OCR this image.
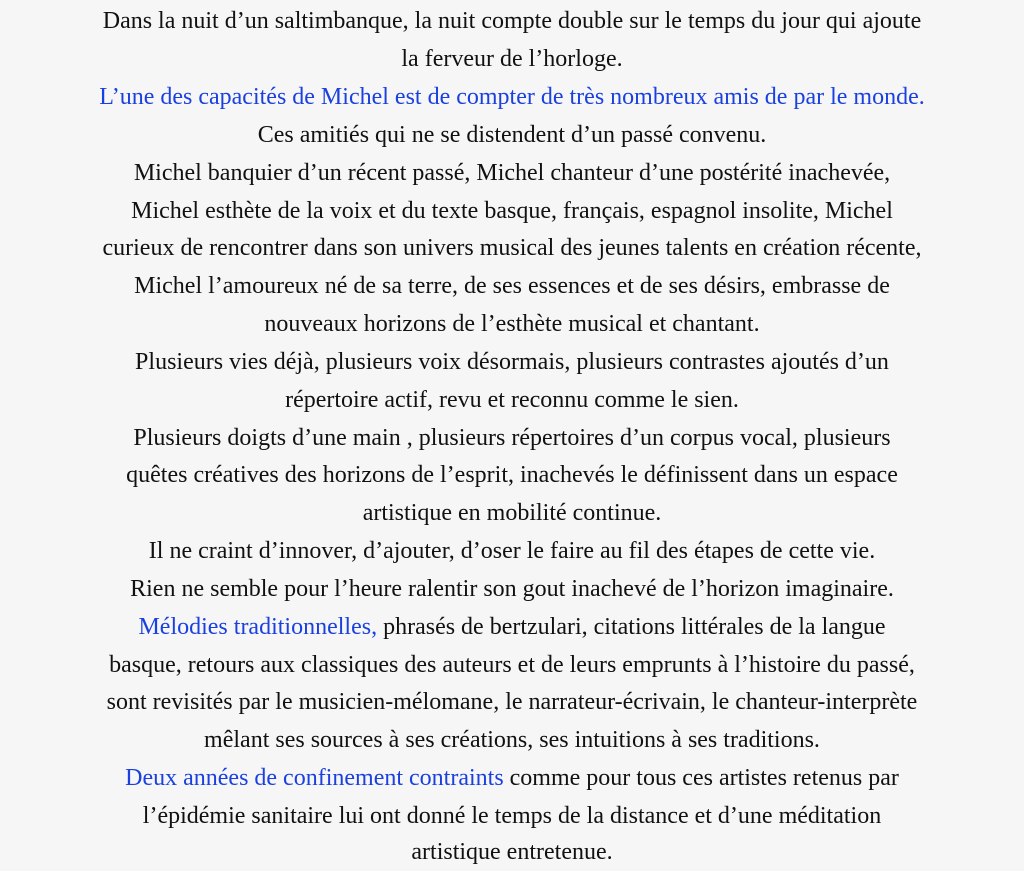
Dans la nuit d’un saltimbanque, la nuit compte double sur le temps du jour qui ajoute
la ferveur de l’horloge.
L’une des capacités de Michel est de compter de très nombreux amis de par le monde.
Ces amitiés qui ne se distendent d’un passé convenu.
Michel banquier d’un récent passé, Michel chanteur d’une postérité inachevée,
Michel esthète de la voix et du texte basque, français, espagnol insolite, Michel
curieux de rencontrer dans son univers musical des jeunes talents en création récente,
Michel l’amoureux né de sa terre, de ses essences et de ses désirs, embrasse de
nouveaux horizons de l’esthète musical et chantant.
Plusieurs vies déjà, plusieurs voix désormais, plusieurs contrastes ajoutés d’un
répertoire actif, revu et reconnu comme le sien.
Plusieurs doigts d’une main , plusieurs répertoires d’un corpus vocal, plusieurs
quêtes créatives des horizons de l’esprit, inachevés le définissent dans un espace
artistique en mobilité continue.
Il ne craint d’innover, d’ajouter, d’oser le faire au fil des étapes de cette vie.
Rien ne semble pour l’heure ralentir son gout inachevé de l’horizon imaginaire.
Mélodies traditionnelles, phrasés de bertzulari, citations littérales de la langue
basque, retours aux classiques des auteurs et de leurs emprunts à l’histoire du passé,
sont revisités par le musicien-mélomane, le narrateur-écrivain, le chanteur-interprète
mêlant ses sources à ses créations, ses intuitions à ses traditions.
Deux années de confinement contraints comme pour tous ces artistes retenus par
l’épidémie sanitaire lui ont donné le temps de la distance et d’une méditation
artistique entretenue.
